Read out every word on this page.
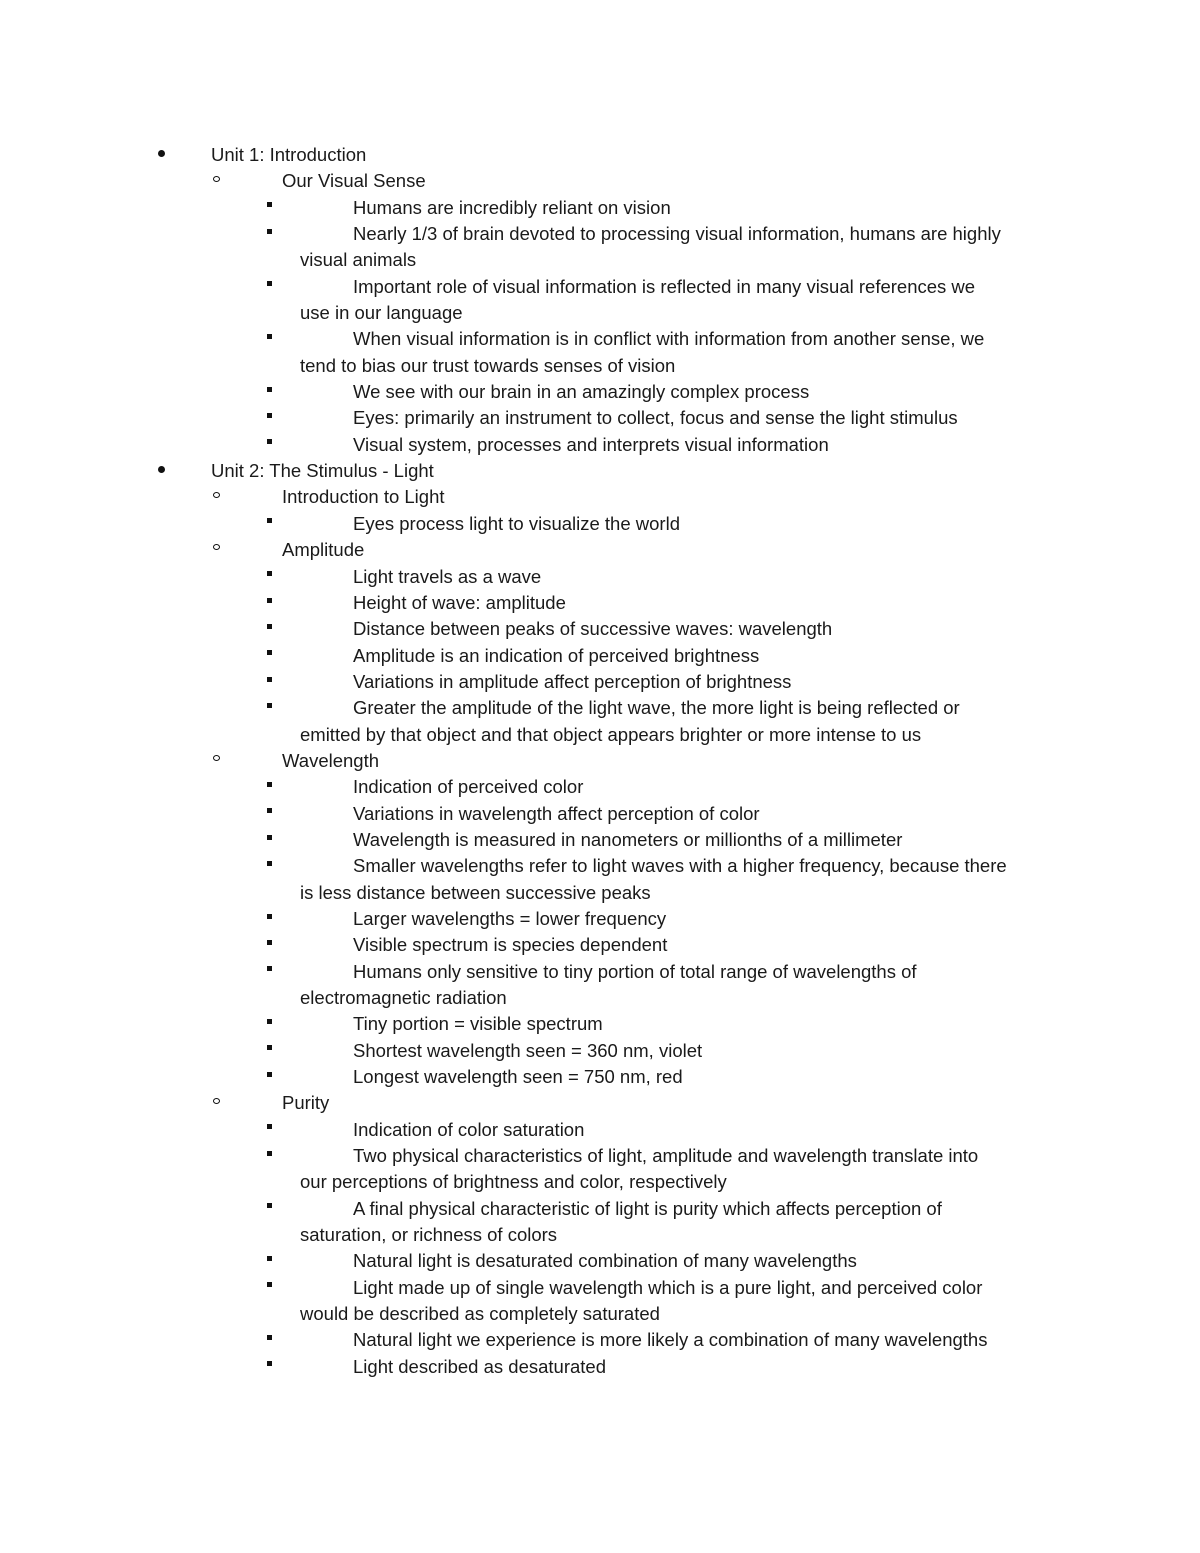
Unit 1: Introduction
Our Visual Sense
Humans are incredibly reliant on vision
Nearly 1/3 of brain devoted to processing visual information, humans are highly
visual animals
Important role of visual information is reflected in many visual references we
use in our language
When visual information is in conflict with information from another sense, we
tend to bias our trust towards senses of vision
We see with our brain in an amazingly complex process
Eyes: primarily an instrument to collect, focus and sense the light stimulus
Visual system, processes and interprets visual information
Unit 2: The Stimulus - Light
Introduction to Light
Eyes process light to visualize the world
Amplitude
Light travels as a wave
Height of wave: amplitude
Distance between peaks of successive waves: wavelength
Amplitude is an indication of perceived brightness
Variations in amplitude affect perception of brightness
Greater the amplitude of the light wave, the more light is being reflected or
emitted by that object and that object appears brighter or more intense to us
Wavelength
Indication of perceived color
Variations in wavelength affect perception of color
Wavelength is measured in nanometers or millionths of a millimeter
Smaller wavelengths refer to light waves with a higher frequency, because there
is less distance between successive peaks
Larger wavelengths = lower frequency
Visible spectrum is species dependent
Humans only sensitive to tiny portion of total range of wavelengths of
electromagnetic radiation
Tiny portion = visible spectrum
Shortest wavelength seen = 360 nm, violet
Longest wavelength seen = 750 nm, red
Purity
Indication of color saturation
Two physical characteristics of light, amplitude and wavelength translate into
our perceptions of brightness and color, respectively
A final physical characteristic of light is purity which affects perception of
saturation, or richness of colors
Natural light is desaturated combination of many wavelengths
Light made up of single wavelength which is a pure light, and perceived color
would be described as completely saturated
Natural light we experience is more likely a combination of many wavelengths
Light described as desaturated
